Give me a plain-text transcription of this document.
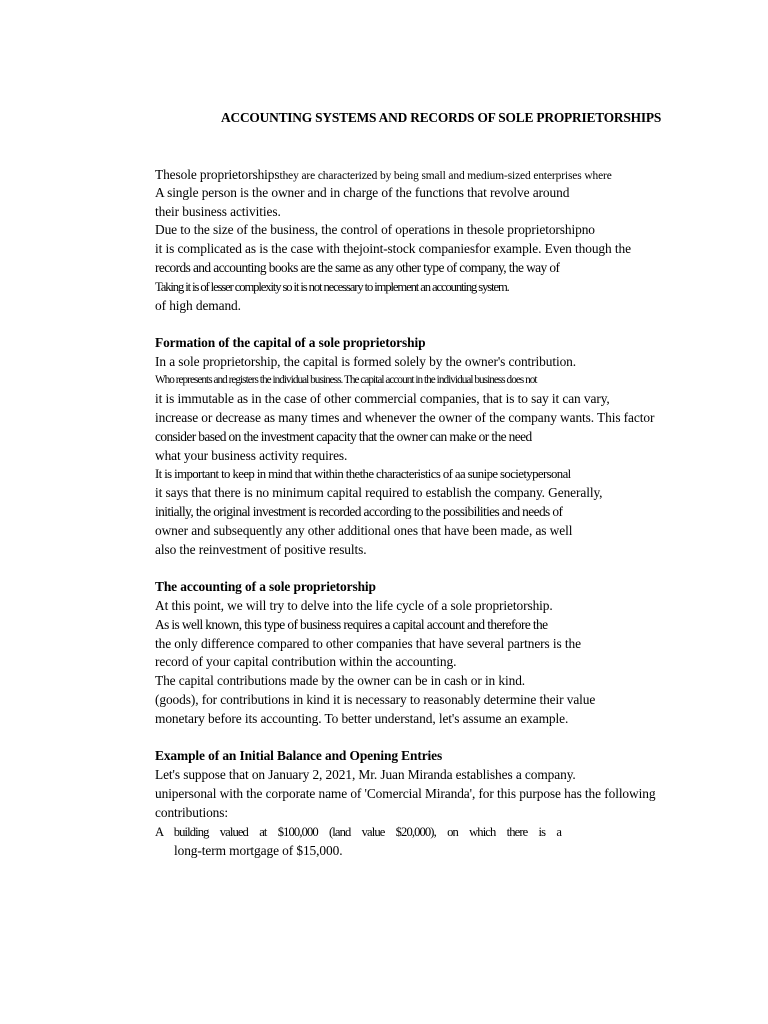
ACCOUNTING SYSTEMS AND RECORDS OF SOLE PROPRIETORSHIPS
Thesole proprietorshipsthey are characterized by being small and medium-sized enterprises where
A single person is the owner and in charge of the functions that revolve around
their business activities.
Due to the size of the business, the control of operations in thesole proprietorshipno
it is complicated as is the case with thejoint-stock companiesfor example. Even though the
records and accounting books are the same as any other type of company, the way of
Taking it is of lesser complexity so it is not necessary to implement an accounting system.
of high demand.
Formation of the capital of a sole proprietorship
In a sole proprietorship, the capital is formed solely by the owner's contribution.
Who represents and registers the individual business. The capital account in the individual business does not
it is immutable as in the case of other commercial companies, that is to say it can vary,
increase or decrease as many times and whenever the owner of the company wants. This factor
consider based on the investment capacity that the owner can make or the need
what your business activity requires.
It is important to keep in mind that within thethe characteristics of aa sunipe societypersonal
it says that there is no minimum capital required to establish the company. Generally,
initially, the original investment is recorded according to the possibilities and needs of
owner and subsequently any other additional ones that have been made, as well
also the reinvestment of positive results.
The accounting of a sole proprietorship
At this point, we will try to delve into the life cycle of a sole proprietorship.
As is well known, this type of business requires a capital account and therefore the
the only difference compared to other companies that have several partners is the
record of your capital contribution within the accounting.
The capital contributions made by the owner can be in cash or in kind.
(goods), for contributions in kind it is necessary to reasonably determine their value
monetary before its accounting. To better understand, let's assume an example.
Example of an Initial Balance and Opening Entries
Let's suppose that on January 2, 2021, Mr. Juan Miranda establishes a company.
unipersonal with the corporate name of 'Comercial Miranda', for this purpose has the following
contributions:
A building valued at $100,000 (land value $20,000), on which there is a
long-term mortgage of $15,000.
